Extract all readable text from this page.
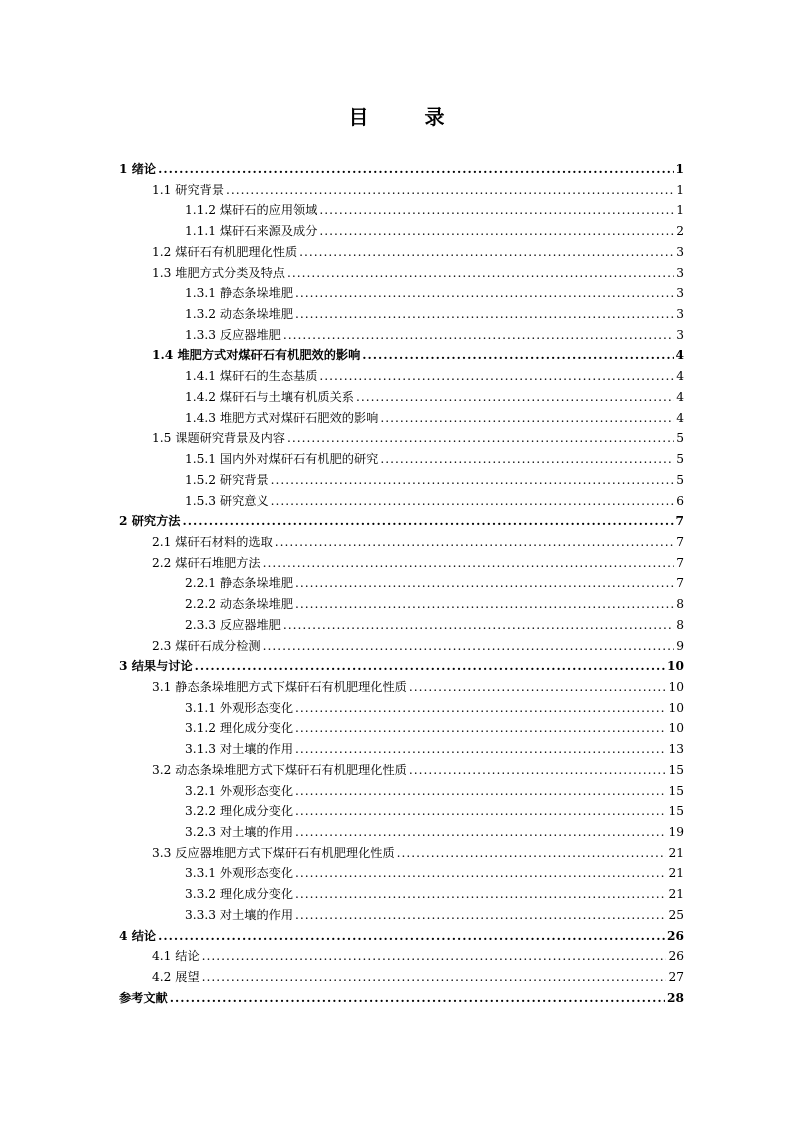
目　录
1 绪论 .....	1
1.1 研究背景 .....	1
1.1.2 煤矸石的应用领域 .....	1
1.1.1 煤矸石来源及成分 .....	2
1.2 煤矸石有机肥理化性质 .....	3
1.3 堆肥方式分类及特点 .....	3
1.3.1 静态条垛堆肥 .....	3
1.3.2 动态条垛堆肥 .....	3
1.3.3 反应器堆肥 .....	3
1.4 堆肥方式对煤矸石有机肥效的影响 .....	4
1.4.1 煤矸石的生态基质 .....	4
1.4.2 煤矸石与土壤有机质关系 .....	4
1.4.3 堆肥方式对煤矸石肥效的影响 .....	4
1.5 课题研究背景及内容 .....	5
1.5.1 国内外对煤矸石有机肥的研究 .....	5
1.5.2 研究背景 .....	5
1.5.3 研究意义 .....	6
2 研究方法 .....	7
2.1 煤矸石材料的选取 .....	7
2.2 煤矸石堆肥方法 .....	7
2.2.1 静态条垛堆肥 .....	7
2.2.2 动态条垛堆肥 .....	8
2.3.3 反应器堆肥 .....	8
2.3 煤矸石成分检测 .....	9
3 结果与讨论 .....	10
3.1 静态条垛堆肥方式下煤矸石有机肥理化性质 .....	10
3.1.1 外观形态变化 .....	10
3.1.2 理化成分变化 .....	10
3.1.3 对土壤的作用 .....	13
3.2 动态条垛堆肥方式下煤矸石有机肥理化性质 .....	15
3.2.1 外观形态变化 .....	15
3.2.2 理化成分变化 .....	15
3.2.3 对土壤的作用 .....	19
3.3 反应器堆肥方式下煤矸石有机肥理化性质 .....	21
3.3.1 外观形态变化 .....	21
3.3.2 理化成分变化 .....	21
3.3.3 对土壤的作用 .....	25
4 结论 .....	26
4.1 结论 .....	26
4.2 展望 .....	27
参考文献 .....	28
